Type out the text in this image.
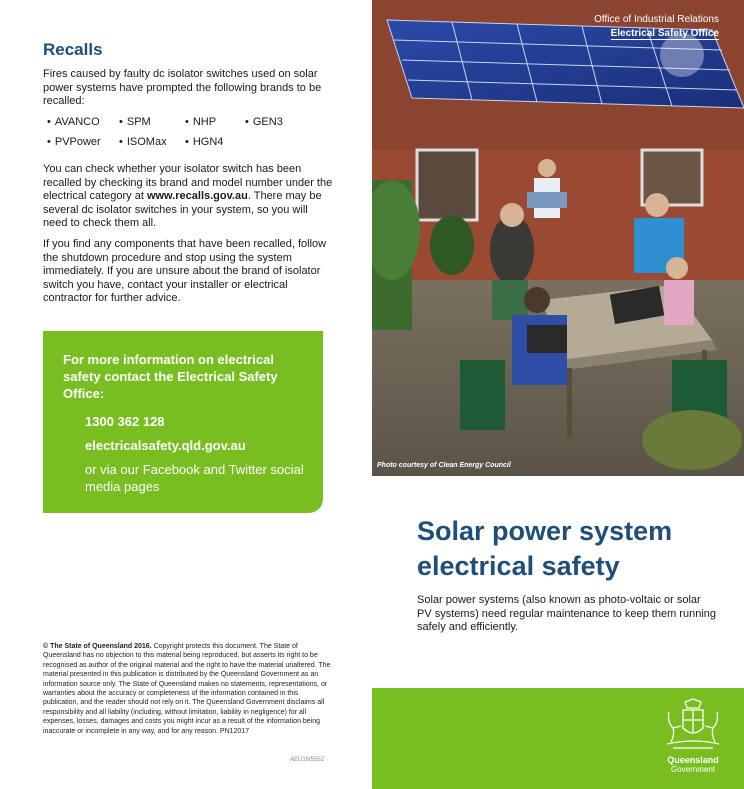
Recalls

Fires caused by faulty dc isolator switches used on solar power systems have prompted the following brands to be recalled:

• AVANCO	• SPM	• NHP	• GEN3
• PVPower	• ISOMax	• HGN4

You can check whether your isolator switch has been recalled by checking its brand and model number under the electrical category at www.recalls.gov.au. There may be several dc isolator switches in your system, so you will need to check them all.

If you find any components that have been recalled, follow the shutdown procedure and stop using the system immediately. If you are unsure about the brand of isolator switch you have, contact your installer or electrical contractor for further advice.

For more information on electrical safety contact the Electrical Safety Office:
1300 362 128
electricalsafety.qld.gov.au
or via our Facebook and Twitter social media pages

© The State of Queensland 2016. Copyright protects this document. The State of Queensland has no objection to this material being reproduced, but asserts its right to be recognised as author of the original material and the right to have the material unaltered. The material presented in this publication is distributed by the Queensland Government as an information source only. The State of Queensland makes no statements, representations, or warranties about the accuracy or completeness of the information contained in this publication, and the reader should not rely on it. The Queensland Government disclaims all responsibility and all liability (including, without limitation, liability in negligence) for all expenses, losses, damages and costs you might incur as a result of the information being inaccurate or incomplete in any way, and for any reason. PN12017

AEU16/5552
Office of Industrial Relations
Electrical Safety Office
Photo courtesy of Clean Energy Council
Solar power system electrical safety

Solar power systems (also known as photo-voltaic or solar PV systems) need regular maintenance to keep them running safely and efficiently.

Queensland
Government
